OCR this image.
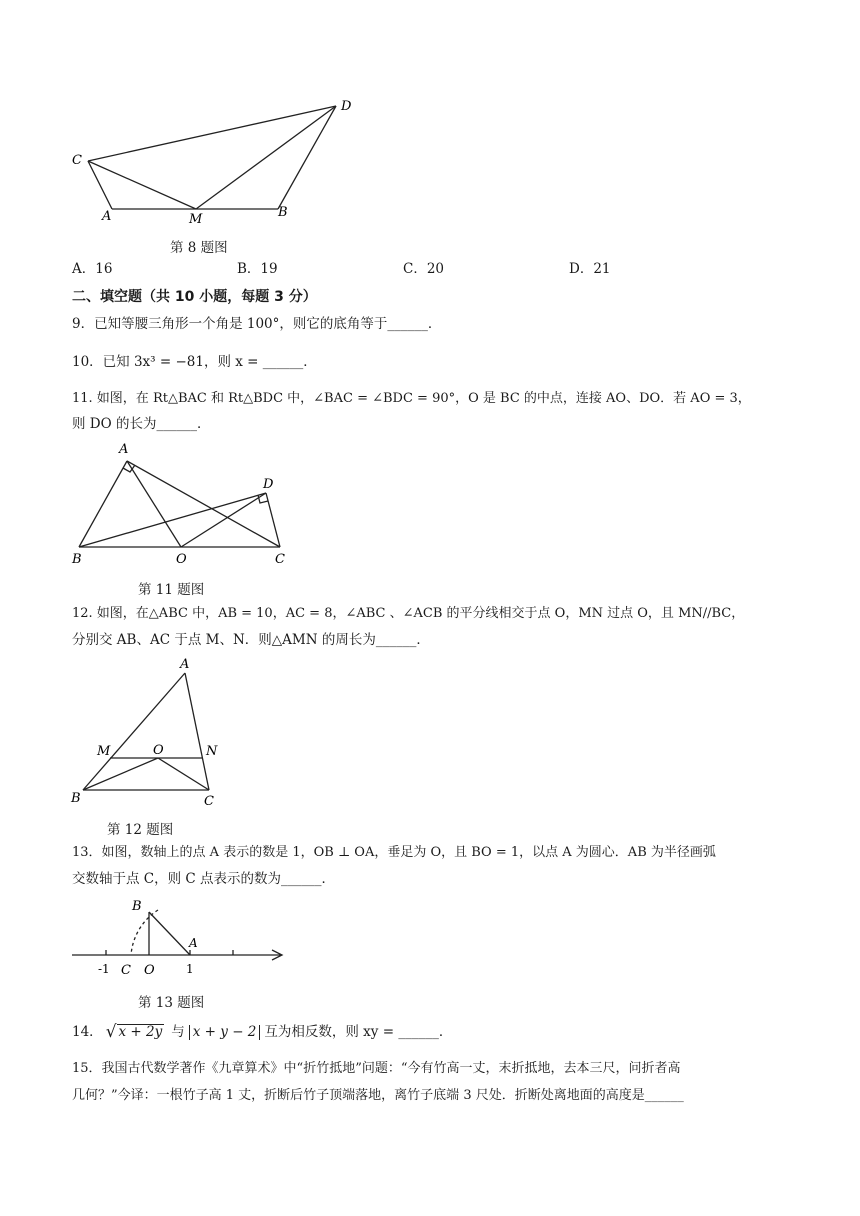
D
C
A	M	B
第 8 题图
A．16	B．19	C．20	D．21
二、填空题（共 10 小题，每题 3 分）
9．已知等腰三角形一个角是 100°，则它的底角等于______．
10．已知 3x³ = −81，则 x = ______．
11. 如图，在 Rt△BAC 和 Rt△BDC 中，∠BAC = ∠BDC = 90°，O 是 BC 的中点，连接 AO、DO．若 AO = 3，
则 DO 的长为______．
A
D
B	O	C
第 11 题图
12. 如图，在△ABC 中，AB = 10，AC = 8，∠ABC 、∠ACB 的平分线相交于点 O，MN 过点 O，且 MN//BC，
分别交 AB、AC 于点 M、N．则△AMN 的周长为______．
A
M	O	N
B	C
第 12 题图
13．如图，数轴上的点 A 表示的数是 1，OB ⊥ OA，垂足为 O，且 BO = 1，以点 A 为圆心．AB 为半径画弧
交数轴于点 C，则 C 点表示的数为______．
B
A
-1 C O	1
第 13 题图
14． √ x + 2y 与 x + y − 2 互为相反数，则 xy = ______．
15．我国古代数学著作《九章算术》中“折竹抵地”问题：“今有竹高一丈，末折抵地，去本三尺，问折者高
几何？”今译：一根竹子高 1 丈，折断后竹子顶端落地，离竹子底端 3 尺处．折断处离地面的高度是______
